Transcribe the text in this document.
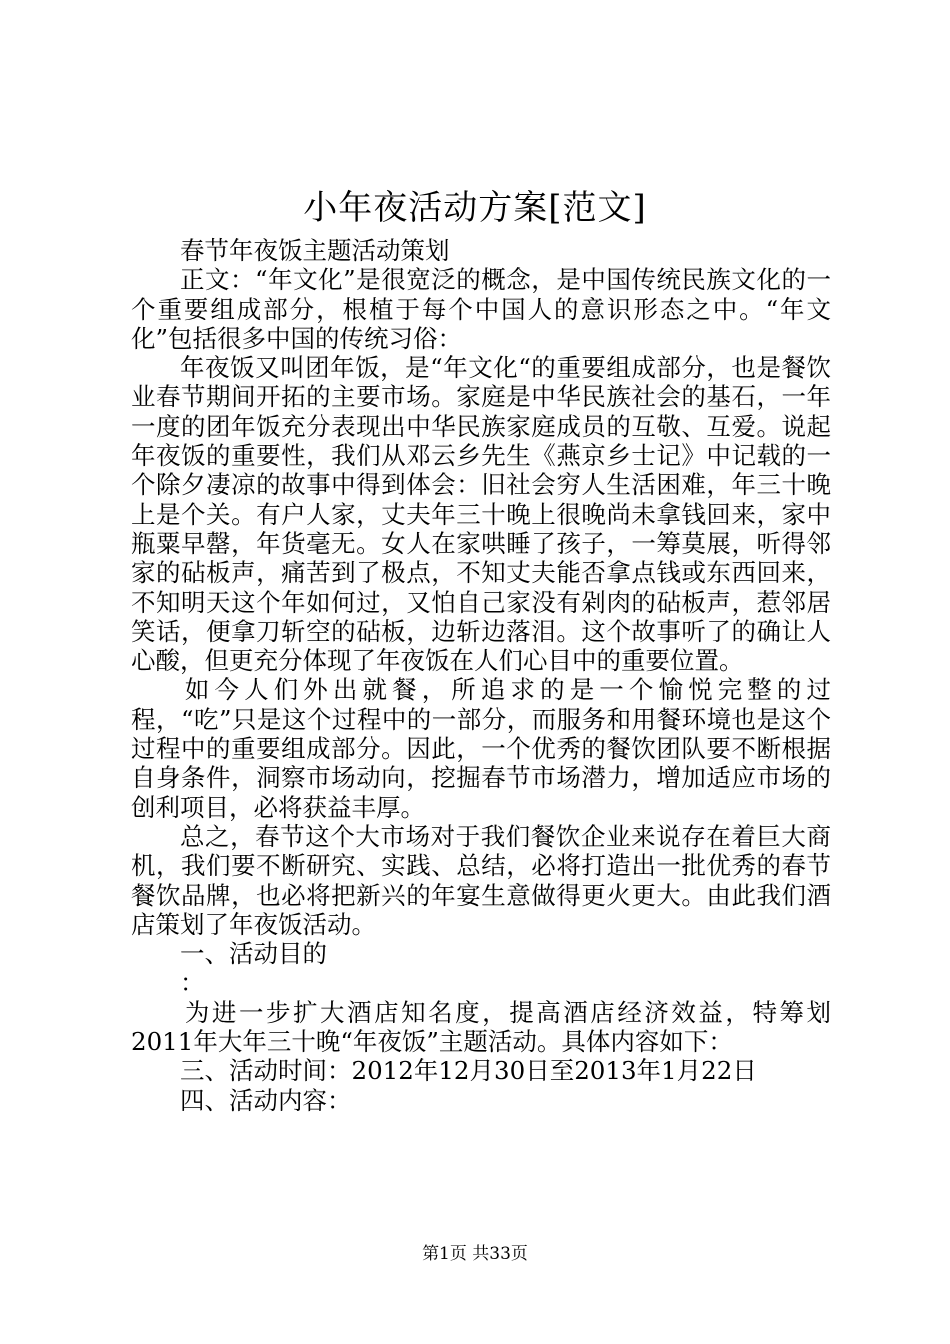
小年夜活动方案[范文]

春节年夜饭主题活动策划

正文：“年文化”是很宽泛的概念，是中国传统民族文化的一个重要组成部分，根植于每个中国人的意识形态之中。“年文化”包括很多中国的传统习俗：

年夜饭又叫团年饭，是“年文化“的重要组成部分，也是餐饮业春节期间开拓的主要市场。家庭是中华民族社会的基石，一年一度的团年饭充分表现出中华民族家庭成员的互敬、互爱。说起年夜饭的重要性，我们从邓云乡先生《燕京乡士记》中记载的一个除夕凄凉的故事中得到体会：旧社会穷人生活困难，年三十晚上是个关。有户人家，丈夫年三十晚上很晚尚未拿钱回来，家中瓶粟早罄，年货毫无。女人在家哄睡了孩子，一筹莫展，听得邻家的砧板声，痛苦到了极点，不知丈夫能否拿点钱或东西回来，不知明天这个年如何过，又怕自己家没有剁肉的砧板声，惹邻居笑话，便拿刀斩空的砧板，边斩边落泪。这个故事听了的确让人心酸，但更充分体现了年夜饭在人们心目中的重要位置。

如今人们外出就餐，所追求的是一个愉悦完整的过程，“吃”只是这个过程中的一部分，而服务和用餐环境也是这个过程中的重要组成部分。因此，一个优秀的餐饮团队要不断根据自身条件，洞察市场动向，挖掘春节市场潜力，增加适应市场的创利项目，必将获益丰厚。

总之，春节这个大市场对于我们餐饮企业来说存在着巨大商机，我们要不断研究、实践、总结，必将打造出一批优秀的春节餐饮品牌，也必将把新兴的年宴生意做得更火更大。由此我们酒店策划了年夜饭活动。

一、活动目的

：

为进一步扩大酒店知名度，提高酒店经济效益，特筹划2011年大年三十晚“年夜饭”主题活动。具体内容如下：

三、活动时间：2012年12月30日至2013年1月22日

四、活动内容：

第1页 共33页
